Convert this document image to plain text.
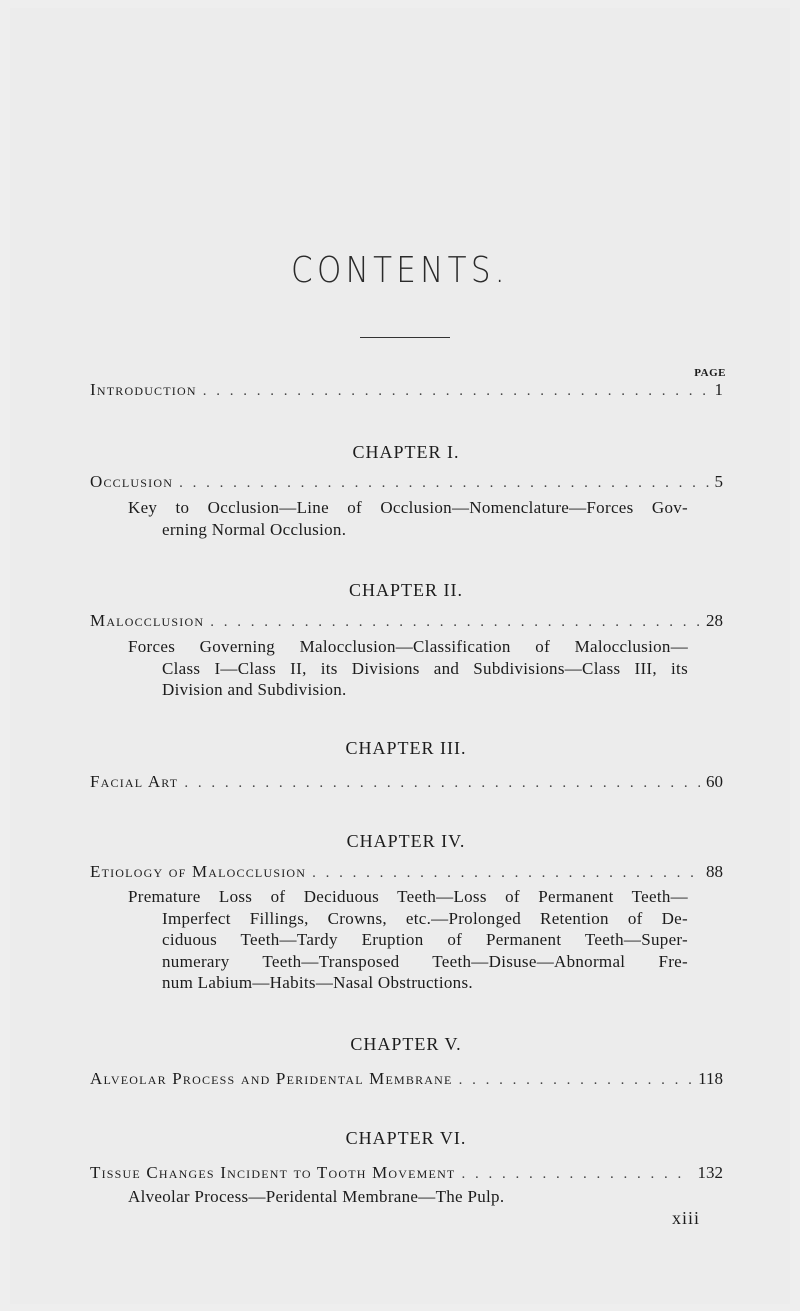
CONTENTS.
PAGE
Introduction . . .	1
CHAPTER I.
Occlusion . . .	5
Key to Occlusion—Line of Occlusion—Nomenclature—Forces Gov-
erning Normal Occlusion.
CHAPTER II.
Malocclusion . . .	28
Forces Governing Malocclusion—Classification of Malocclusion—
Class I—Class II, its Divisions and Subdivisions—Class III, its
Division and Subdivision.
CHAPTER III.
Facial Art . . .	60
CHAPTER IV.
Etiology of Malocclusion . . .	88
Premature Loss of Deciduous Teeth—Loss of Permanent Teeth—
Imperfect Fillings, Crowns, etc.—Prolonged Retention of De-
ciduous Teeth—Tardy Eruption of Permanent Teeth—Super-
numerary Teeth—Transposed Teeth—Disuse—Abnormal Fre-
num Labium—Habits—Nasal Obstructions.
CHAPTER V.
Alveolar Process and Peridental Membrane . . .	118
CHAPTER VI.
Tissue Changes Incident to Tooth Movement . . .	132
Alveolar Process—Peridental Membrane—The Pulp.
xiii
